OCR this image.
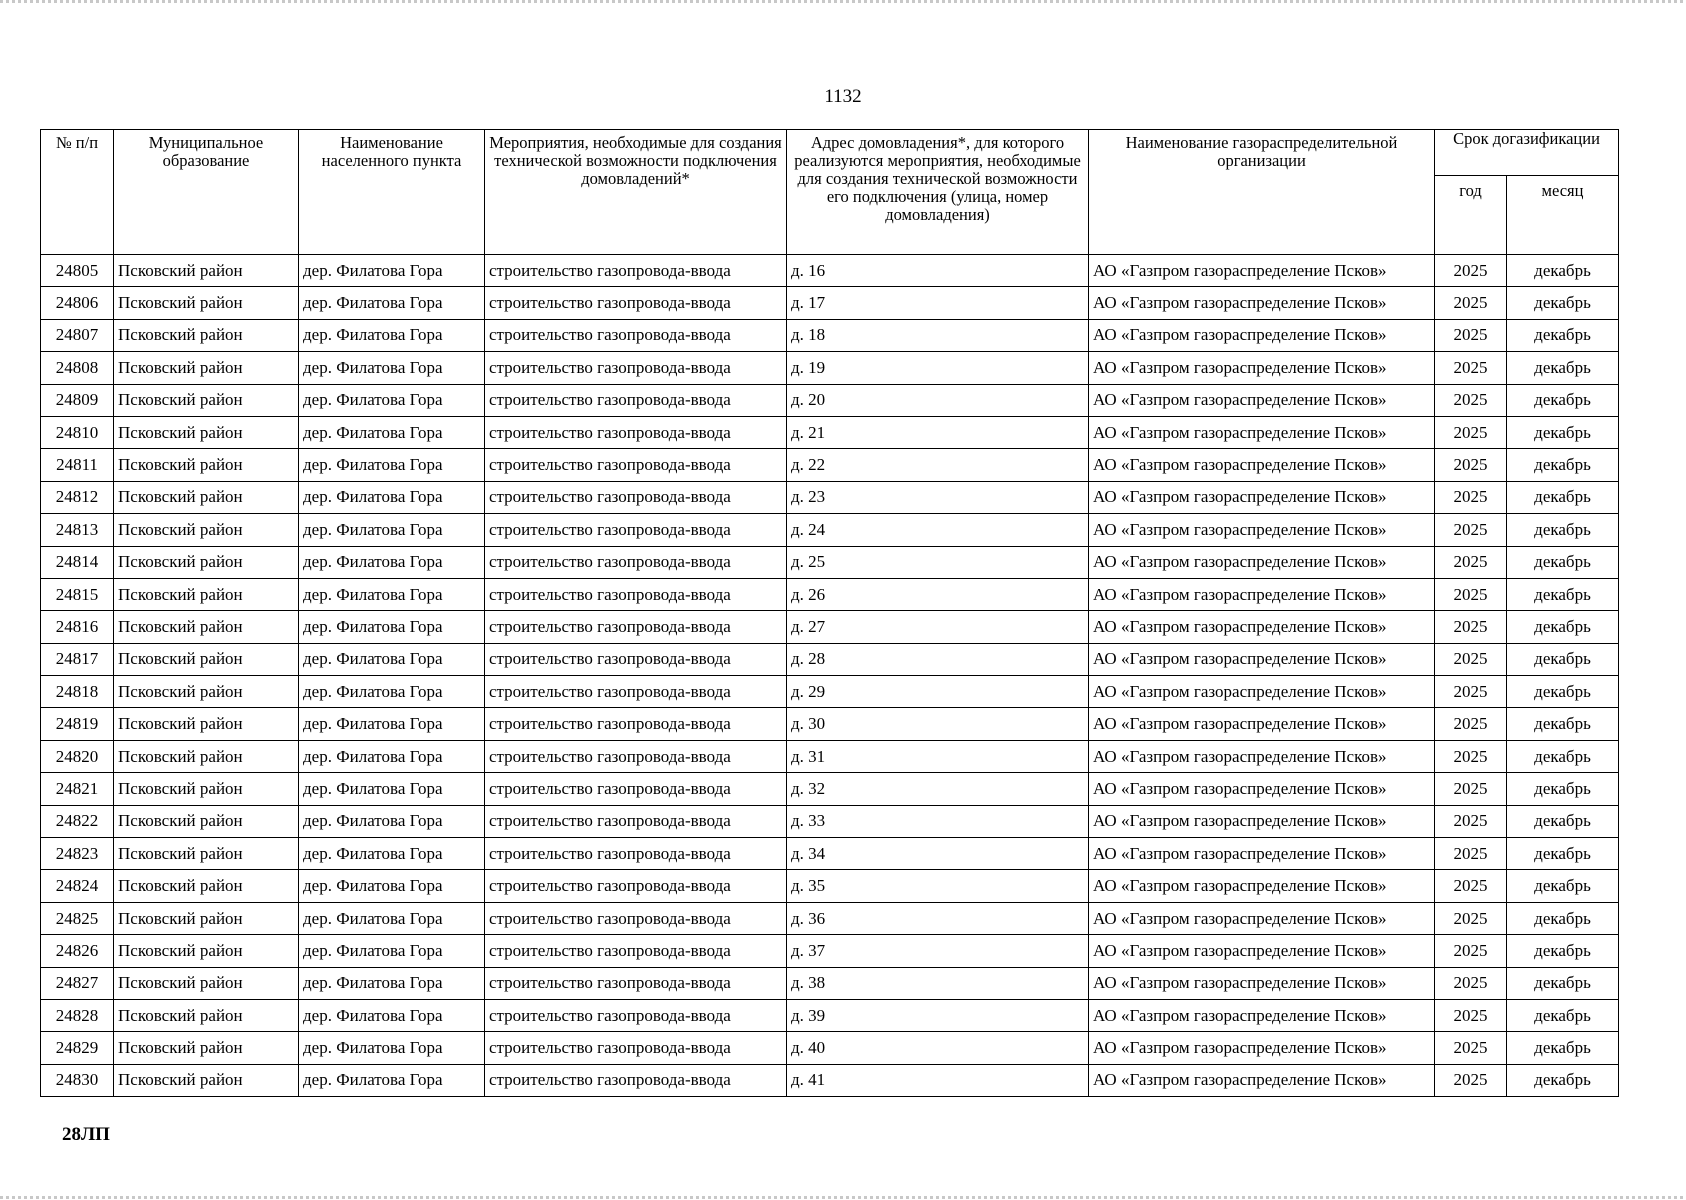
1132
№ п/п	Муниципальное образование	Наименование населенного пункта	Мероприятия, необходимые для создания технической возможности подключения домовладений*	Адрес домовладения*, для которого реализуются мероприятия, необходимые для создания технической возможности его подключения (улица, номер домовладения)	Наименование газораспределительной организации	Срок догазификации	
						год	месяц
24805	Псковский район	дер. Филатова Гора	строительство газопровода-ввода	д. 16	АО «Газпром газораспределение Псков»	2025	декабрь
24806	Псковский район	дер. Филатова Гора	строительство газопровода-ввода	д. 17	АО «Газпром газораспределение Псков»	2025	декабрь
24807	Псковский район	дер. Филатова Гора	строительство газопровода-ввода	д. 18	АО «Газпром газораспределение Псков»	2025	декабрь
24808	Псковский район	дер. Филатова Гора	строительство газопровода-ввода	д. 19	АО «Газпром газораспределение Псков»	2025	декабрь
24809	Псковский район	дер. Филатова Гора	строительство газопровода-ввода	д. 20	АО «Газпром газораспределение Псков»	2025	декабрь
24810	Псковский район	дер. Филатова Гора	строительство газопровода-ввода	д. 21	АО «Газпром газораспределение Псков»	2025	декабрь
24811	Псковский район	дер. Филатова Гора	строительство газопровода-ввода	д. 22	АО «Газпром газораспределение Псков»	2025	декабрь
24812	Псковский район	дер. Филатова Гора	строительство газопровода-ввода	д. 23	АО «Газпром газораспределение Псков»	2025	декабрь
24813	Псковский район	дер. Филатова Гора	строительство газопровода-ввода	д. 24	АО «Газпром газораспределение Псков»	2025	декабрь
24814	Псковский район	дер. Филатова Гора	строительство газопровода-ввода	д. 25	АО «Газпром газораспределение Псков»	2025	декабрь
24815	Псковский район	дер. Филатова Гора	строительство газопровода-ввода	д. 26	АО «Газпром газораспределение Псков»	2025	декабрь
24816	Псковский район	дер. Филатова Гора	строительство газопровода-ввода	д. 27	АО «Газпром газораспределение Псков»	2025	декабрь
24817	Псковский район	дер. Филатова Гора	строительство газопровода-ввода	д. 28	АО «Газпром газораспределение Псков»	2025	декабрь
24818	Псковский район	дер. Филатова Гора	строительство газопровода-ввода	д. 29	АО «Газпром газораспределение Псков»	2025	декабрь
24819	Псковский район	дер. Филатова Гора	строительство газопровода-ввода	д. 30	АО «Газпром газораспределение Псков»	2025	декабрь
24820	Псковский район	дер. Филатова Гора	строительство газопровода-ввода	д. 31	АО «Газпром газораспределение Псков»	2025	декабрь
24821	Псковский район	дер. Филатова Гора	строительство газопровода-ввода	д. 32	АО «Газпром газораспределение Псков»	2025	декабрь
24822	Псковский район	дер. Филатова Гора	строительство газопровода-ввода	д. 33	АО «Газпром газораспределение Псков»	2025	декабрь
24823	Псковский район	дер. Филатова Гора	строительство газопровода-ввода	д. 34	АО «Газпром газораспределение Псков»	2025	декабрь
24824	Псковский район	дер. Филатова Гора	строительство газопровода-ввода	д. 35	АО «Газпром газораспределение Псков»	2025	декабрь
24825	Псковский район	дер. Филатова Гора	строительство газопровода-ввода	д. 36	АО «Газпром газораспределение Псков»	2025	декабрь
24826	Псковский район	дер. Филатова Гора	строительство газопровода-ввода	д. 37	АО «Газпром газораспределение Псков»	2025	декабрь
24827	Псковский район	дер. Филатова Гора	строительство газопровода-ввода	д. 38	АО «Газпром газораспределение Псков»	2025	декабрь
24828	Псковский район	дер. Филатова Гора	строительство газопровода-ввода	д. 39	АО «Газпром газораспределение Псков»	2025	декабрь
24829	Псковский район	дер. Филатова Гора	строительство газопровода-ввода	д. 40	АО «Газпром газораспределение Псков»	2025	декабрь
24830	Псковский район	дер. Филатова Гора	строительство газопровода-ввода	д. 41	АО «Газпром газораспределение Псков»	2025	декабрь
28ЛП
